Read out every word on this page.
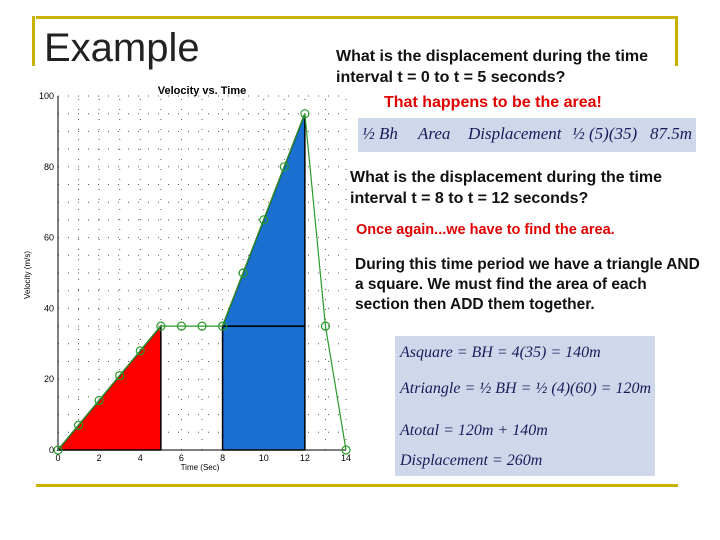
Example
0
20
40
60
80
100
0	2	4	6	8	10	12	14
Velocity vs. Time
Time (Sec)
Velocity (m/s)
What is the displacement during the time interval t = 0 to t = 5 seconds?
That happens to be the area!
½ Bh Area Displacement ½ (5)(35) 87.5m
What is the displacement during the time interval t = 8 to t = 12 seconds?
Once again...we have to find the area.
During this time period we have a triangle AND a square. We must find the area of each section then ADD them together.
Asquare = BH = 4(35) = 140m
Atriangle = ½ BH = ½ (4)(60) = 120m
Atotal = 120m + 140m
Displacement = 260m
